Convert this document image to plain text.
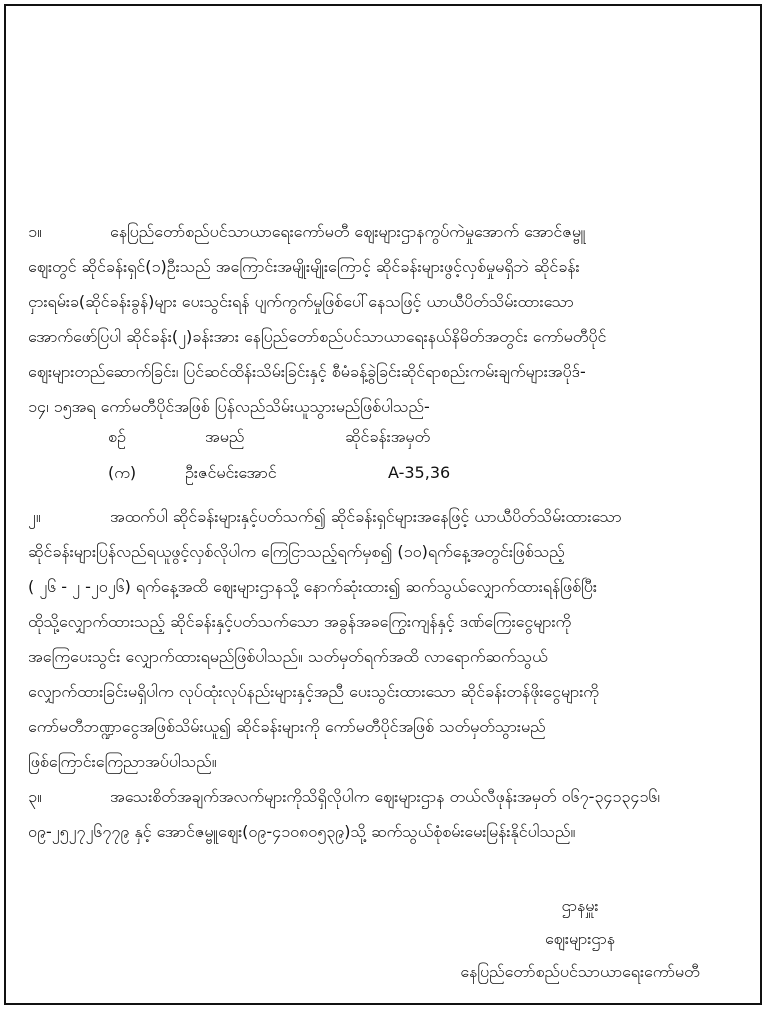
၁။	နေပြည်တော်စည်ပင်သာယာရေးကော်မတီ ဈေးများဌာနကွပ်ကဲမှုအောက် အောင်ဇမ္ဗူ
ဈေးတွင် ဆိုင်ခန်းရှင်(၁)ဦးသည် အကြောင်းအမျိုးမျိုးကြောင့် ဆိုင်ခန်းများဖွင့်လှစ်မှုမရှိဘဲ ဆိုင်ခန်း
ငှားရမ်းခ(ဆိုင်ခန်းခွန်)များ ပေးသွင်းရန် ပျက်ကွက်မှုဖြစ်ပေါ်နေသဖြင့် ယာယီပိတ်သိမ်းထားသော
အောက်ဖော်ပြပါ ဆိုင်ခန်း(၂)ခန်းအား နေပြည်တော်စည်ပင်သာယာရေးနယ်နိမိတ်အတွင်း ကော်မတီပိုင်
ဈေးများတည်ဆောက်ခြင်း၊ ပြင်ဆင်ထိန်းသိမ်းခြင်းနှင့် စီမံခန့်ခွဲခြင်းဆိုင်ရာစည်းကမ်းချက်များအပိုဒ်-
၁၄၊ ၁၅အရ ကော်မတီပိုင်အဖြစ် ပြန်လည်သိမ်းယူသွားမည်ဖြစ်ပါသည်-
စဉ်	အမည်	ဆိုင်ခန်းအမှတ်
(က)	ဦးဇင်မင်းအောင်	A-35,36
၂။	အထက်ပါ ဆိုင်ခန်းများနှင့်ပတ်သက်၍ ဆိုင်ခန်းရှင်များအနေဖြင့် ယာယီပိတ်သိမ်းထားသော
ဆိုင်ခန်းများပြန်လည်ရယူဖွင့်လှစ်လိုပါက ကြေငြာသည့်ရက်မှစ၍ (၁၀)ရက်နေ့အတွင်းဖြစ်သည့်
( ၂၆ - ၂ -၂၀၂၆) ရက်နေ့အထိ ဈေးများဌာနသို့ နောက်ဆုံးထား၍ ဆက်သွယ်လျှောက်ထားရန်ဖြစ်ပြီး
ထိုသို့လျှောက်ထားသည့် ဆိုင်ခန်းနှင့်ပတ်သက်သော အခွန်အခကြွေးကျန်နှင့် ဒဏ်ကြေးငွေများကို
အကြေပေးသွင်း လျှောက်ထားရမည်ဖြစ်ပါသည်။ သတ်မှတ်ရက်အထိ လာရောက်ဆက်သွယ်
လျှောက်ထားခြင်းမရှိပါက လုပ်ထုံးလုပ်နည်းများနှင့်အညီ ပေးသွင်းထားသော ဆိုင်ခန်းတန်ဖိုးငွေများကို
ကော်မတီဘဏ္ဍာငွေအဖြစ်သိမ်းယူ၍ ဆိုင်ခန်းများကို ကော်မတီပိုင်အဖြစ် သတ်မှတ်သွားမည်
ဖြစ်ကြောင်းကြေညာအပ်ပါသည်။
၃။	အသေးစိတ်အချက်အလက်များကိုသိရှိလိုပါက ဈေးများဌာန တယ်လီဖုန်းအမှတ် ၀၆၇-၃၄၁၃၄၁၆၊
၀၉-၂၅၂၇၂၆၇၇၉ နှင့် အောင်ဇမ္ဗူဈေး(၀၉-၄၁၀၈၀၅၃၉)သို့ ဆက်သွယ်စုံစမ်းမေးမြန်းနိုင်ပါသည်။
ဌာနမှူး
ဈေးများဌာန
နေပြည်တော်စည်ပင်သာယာရေးကော်မတီ
